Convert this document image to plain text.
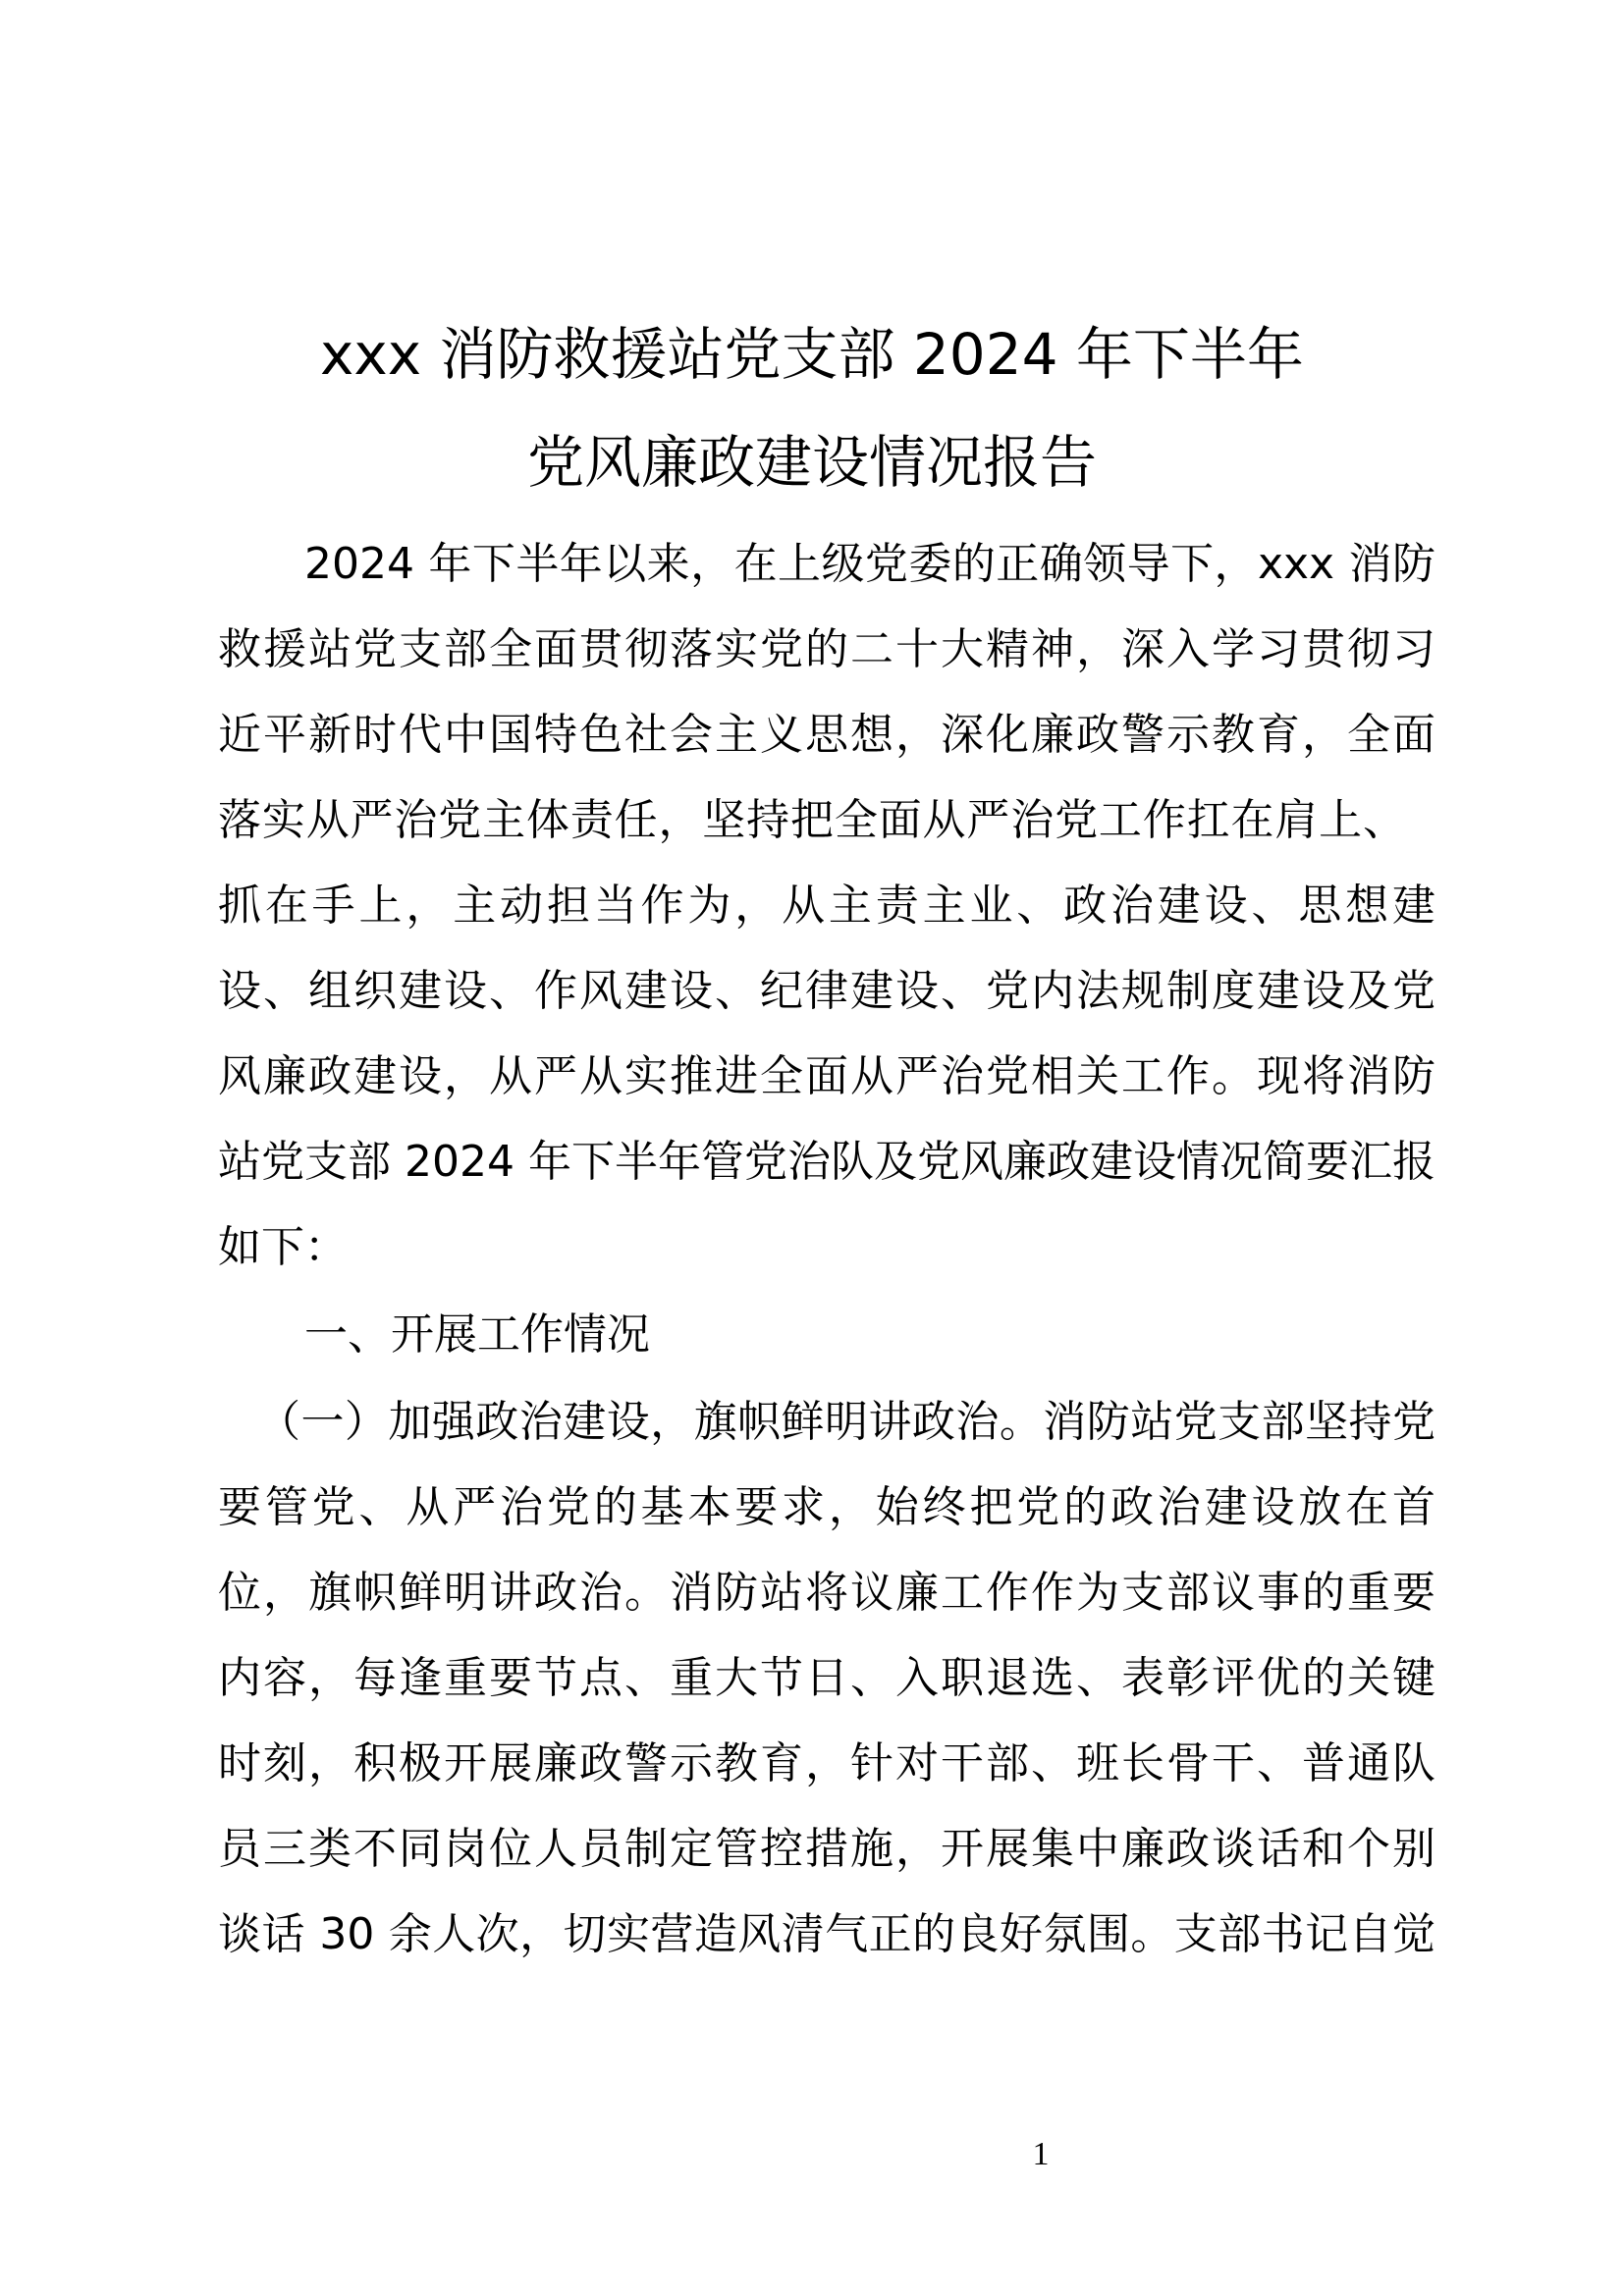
xxx 消防救援站党支部 2024 年下半年
党风廉政建设情况报告
2024 年下半年以来，在上级党委的正确领导下，xxx 消防
救援站党支部全面贯彻落实党的二十大精神，深入学习贯彻习
近平新时代中国特色社会主义思想，深化廉政警示教育，全面
落实从严治党主体责任，坚持把全面从严治党工作扛在肩上、
抓在手上，主动担当作为，从主责主业、政治建设、思想建
设、组织建设、作风建设、纪律建设、党内法规制度建设及党
风廉政建设，从严从实推进全面从严治党相关工作。现将消防
站党支部 2024 年下半年管党治队及党风廉政建设情况简要汇报
如下：
一、开展工作情况
（一）加强政治建设，旗帜鲜明讲政治。消防站党支部坚持党
要管党、从严治党的基本要求，始终把党的政治建设放在首
位，旗帜鲜明讲政治。消防站将议廉工作作为支部议事的重要
内容，每逢重要节点、重大节日、入职退选、表彰评优的关键
时刻，积极开展廉政警示教育，针对干部、班长骨干、普通队
员三类不同岗位人员制定管控措施，开展集中廉政谈话和个别
谈话 30 余人次，切实营造风清气正的良好氛围。支部书记自觉
1
